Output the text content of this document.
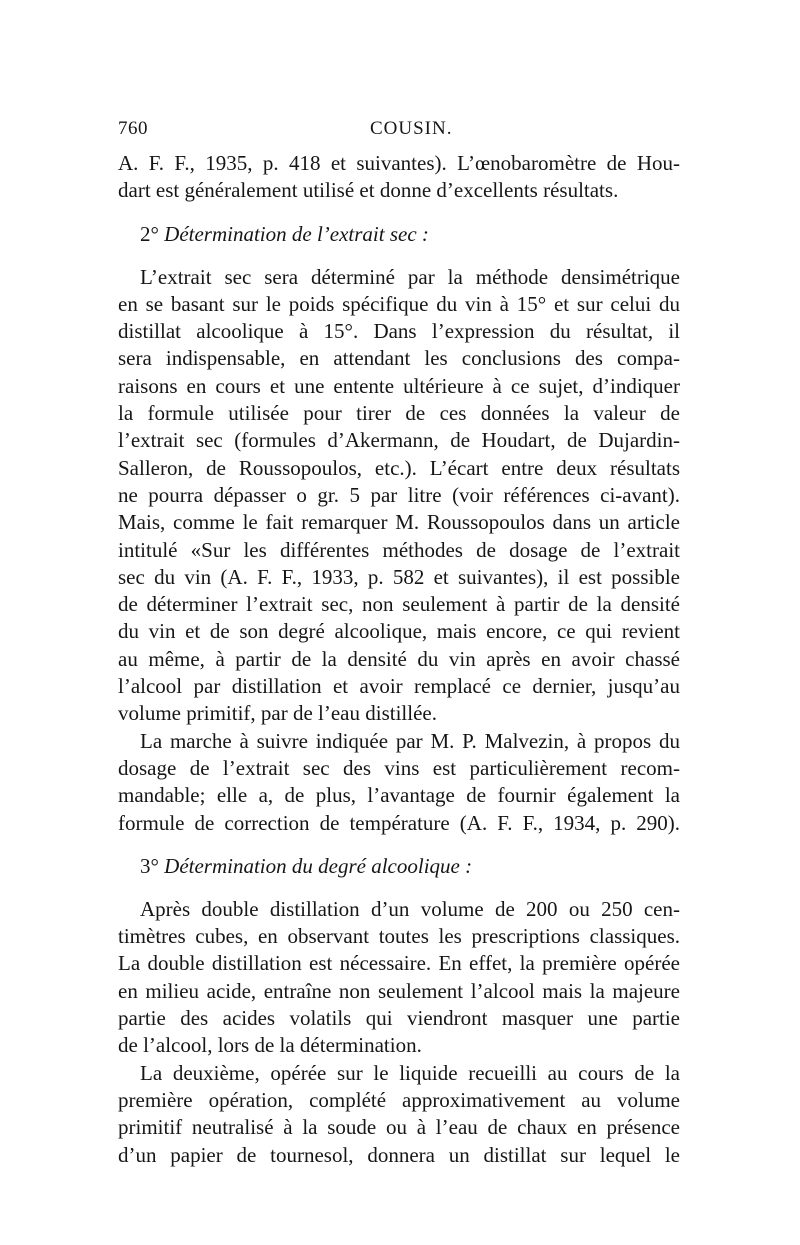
760	COUSIN.

A. F. F., 1935, p. 418 et suivantes). L’œnobaromètre de Hou-
dart est généralement utilisé et donne d’excellents résultats.

2° Détermination de l’extrait sec :

L’extrait sec sera déterminé par la méthode densimétrique
en se basant sur le poids spécifique du vin à 15° et sur celui du
distillat alcoolique à 15°. Dans l’expression du résultat, il
sera indispensable, en attendant les conclusions des compa-
raisons en cours et une entente ultérieure à ce sujet, d’indiquer
la formule utilisée pour tirer de ces données la valeur de
l’extrait sec (formules d’Akermann, de Houdart, de Dujardin-
Salleron, de Roussopoulos, etc.). L’écart entre deux résultats
ne pourra dépasser o gr. 5 par litre (voir références ci-avant).
Mais, comme le fait remarquer M. Roussopoulos dans un article
intitulé «Sur les différentes méthodes de dosage de l’extrait
sec du vin (A. F. F., 1933, p. 582 et suivantes), il est possible
de déterminer l’extrait sec, non seulement à partir de la densité
du vin et de son degré alcoolique, mais encore, ce qui revient
au même, à partir de la densité du vin après en avoir chassé
l’alcool par distillation et avoir remplacé ce dernier, jusqu’au
volume primitif, par de l’eau distillée.

La marche à suivre indiquée par M. P. Malvezin, à propos du
dosage de l’extrait sec des vins est particulièrement recom-
mandable; elle a, de plus, l’avantage de fournir également la
formule de correction de température (A. F. F., 1934, p. 290).

3° Détermination du degré alcoolique :

Après double distillation d’un volume de 200 ou 250 cen-
timètres cubes, en observant toutes les prescriptions classiques.
La double distillation est nécessaire. En effet, la première opérée
en milieu acide, entraîne non seulement l’alcool mais la majeure
partie des acides volatils qui viendront masquer une partie
de l’alcool, lors de la détermination.

La deuxième, opérée sur le liquide recueilli au cours de la
première opération, complété approximativement au volume
primitif neutralisé à la soude ou à l’eau de chaux en présence
d’un papier de tournesol, donnera un distillat sur lequel le
